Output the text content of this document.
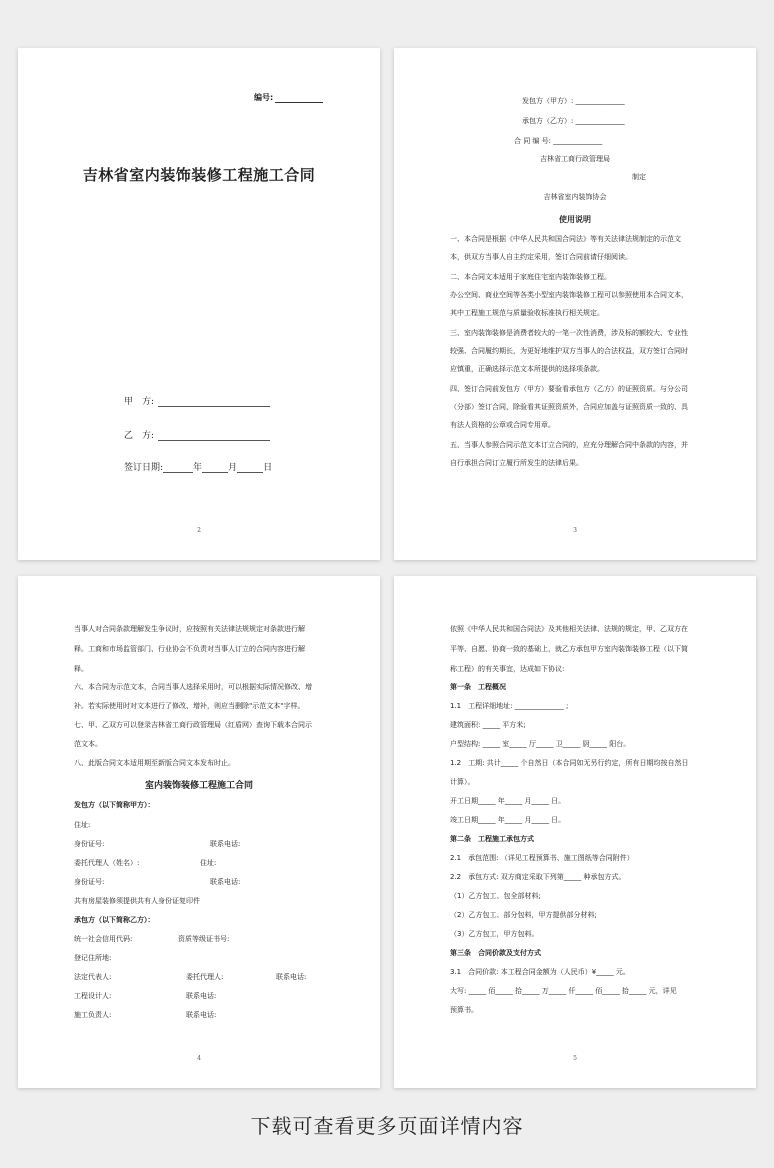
编号:
吉林省室内装饰装修工程施工合同
甲　方:
乙　方:
签订日期:	年	月	日
2
发包方（甲方）: ______________
承包方（乙方）: ______________
合 同 编 号: ______________
吉林省工商行政管理局
制定
吉林省室内装饰协会
使用说明
一、本合同是根据《中华人民共和国合同法》等有关法律法规制定的示范文
本，供双方当事人自主约定采用，签订合同前请仔细阅读。
二、本合同文本适用于家庭住宅室内装饰装修工程。
办公空间、商业空间等各类小型室内装饰装修工程可以参照使用本合同文本，
其中工程施工规范与质量验收标准执行相关规定。
三、室内装饰装修是消费者较大的一笔一次性消费，涉及标的额较大、专业性
较强、合同履约期长，为更好地维护双方当事人的合法权益，双方签订合同时
应慎重，正确选择示范文本所提供的选择项条款。
四、签订合同前发包方（甲方）要验看承包方（乙方）的证照资质。与分公司
（分部）签订合同，除验看其证照资质外，合同应加盖与证照资质一致的、具
有法人资格的公章或合同专用章。
五、当事人参照合同示范文本订立合同的，应充分理解合同中条款的内容，并
自行承担合同订立履行所发生的法律后果。
3
当事人对合同条款理解发生争议时，应按照有关法律法规规定对条款进行解
释。工商和市场监管部门、行业协会不负责对当事人订立的合同内容进行解
释。
六、本合同为示范文本，合同当事人选择采用时，可以根据实际情况修改、增
补。若实际使用时对文本进行了修改、增补，则应当删除"示范文本"字样。
七、甲、乙双方可以登录吉林省工商行政管理局（红盾网）查询下载本合同示
范文本。
八、此版合同文本适用期至新版合同文本发布时止。
室内装饰装修工程施工合同
发包方（以下简称甲方）：
住址:
身份证号:	联系电话:
委托代理人（姓名）:	住址:
身份证号:	联系电话:
共有房屋装修须提供共有人身份证复印件
承包方（以下简称乙方）：
统一社会信用代码:	资质等级证书号:
登记住所地:
法定代表人:	委托代理人:	联系电话:
工程设计人:	联系电话:
施工负责人:	联系电话:
4
依照《中华人民共和国合同法》及其他相关法律、法规的规定，甲、乙双方在
平等、自愿、协商一致的基础上，就乙方承包甲方室内装饰装修工程（以下简
称工程）的有关事宜，达成如下协议:
第一条　工程概况
1.1　工程详细地址: ______________ ;
建筑面积: _____ 平方米;
户型结构: _____ 室_____ 厅_____ 卫_____ 厨_____ 阳台。
1.2　工期: 共计_____ 个自然日（本合同如无另行约定，所有日期均按自然日
计算）。
开工日期_____ 年_____ 月_____ 日。
竣工日期_____ 年_____ 月_____ 日。
第二条　工程施工承包方式
2.1　承包范围: （详见工程预算书、施工图纸等合同附件）
2.2　承包方式: 双方商定采取下列第_____ 种承包方式。
（1）乙方包工、包全部材料;
（2）乙方包工、部分包料，甲方提供部分材料;
（3）乙方包工，甲方包料。
第三条　合同价款及支付方式
3.1　合同价款: 本工程合同金额为（人民币）¥_____ 元。
大写: _____ 佰_____ 拾_____ 万_____ 仟_____ 佰_____ 拾_____ 元，详见
预算书。
5
下载可查看更多页面详情内容
